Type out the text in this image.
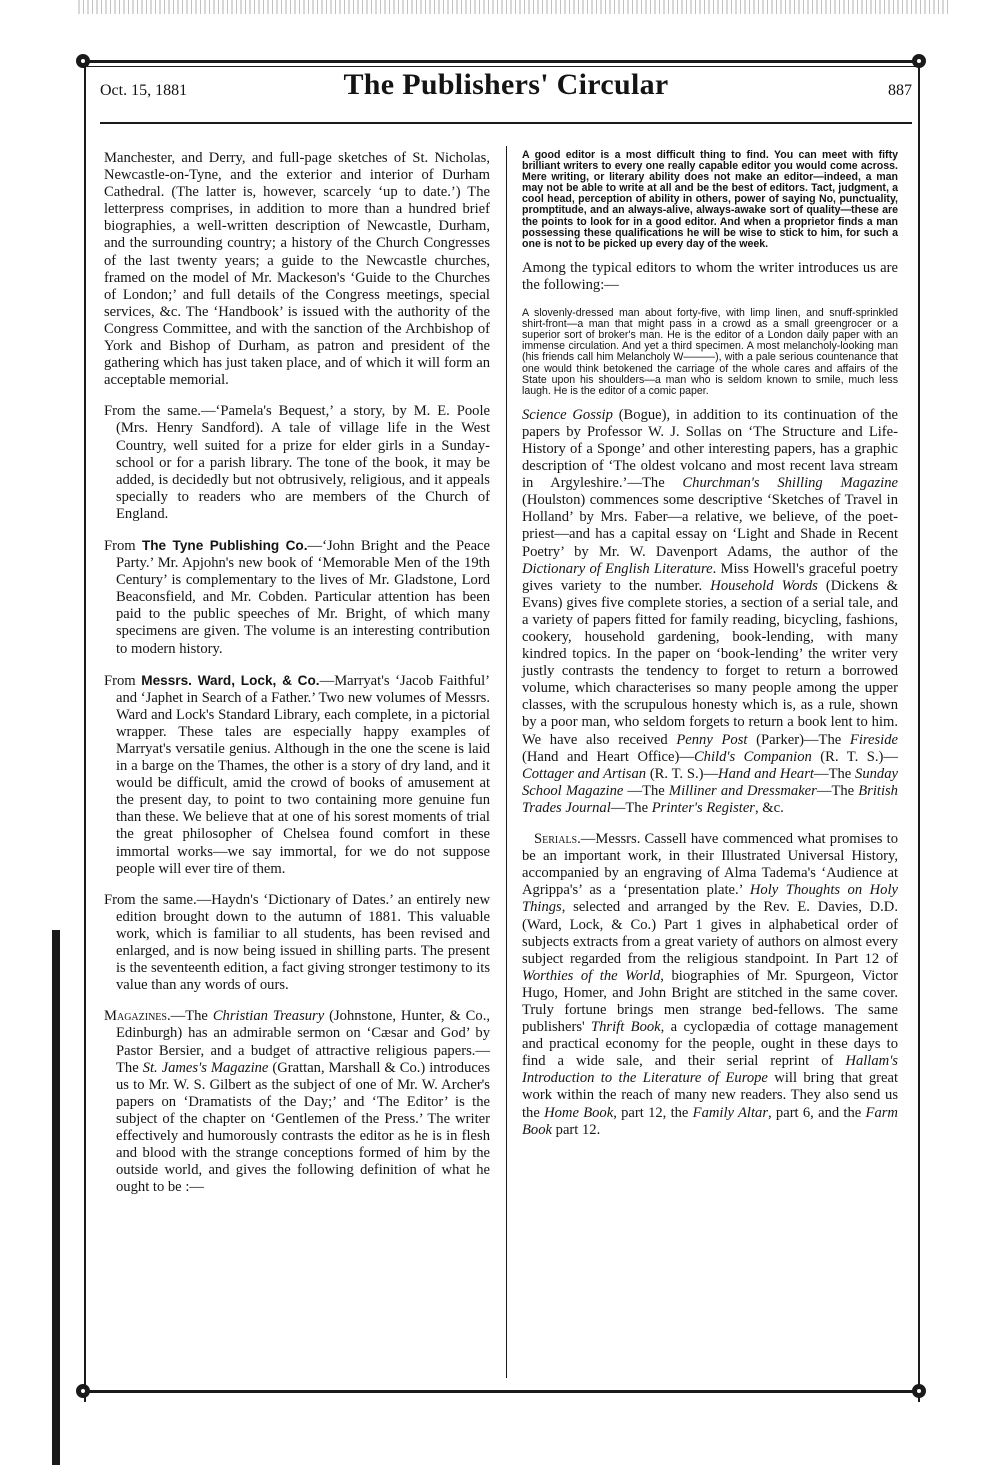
Oct. 15, 1881	The Publishers' Circular	887

Manchester, and Derry, and full-page sketches of St. Nicholas, Newcastle-on-Tyne, and the exterior and interior of Durham Cathedral. (The latter is, however, scarcely ‘up to date.’) The letterpress comprises, in addition to more than a hundred brief biographies, a well-written description of Newcastle, Durham, and the surrounding country; a history of the Church Congresses of the last twenty years; a guide to the Newcastle churches, framed on the model of Mr. Mackeson's ‘Guide to the Churches of London;’ and full details of the Congress meetings, special services, &c. The ‘Handbook’ is issued with the authority of the Congress Committee, and with the sanction of the Archbishop of York and Bishop of Durham, as patron and president of the gathering which has just taken place, and of which it will form an acceptable memorial.

From the same.—‘Pamela's Bequest,’ a story, by M. E. Poole (Mrs. Henry Sandford). A tale of village life in the West Country, well suited for a prize for elder girls in a Sunday-school or for a parish library. The tone of the book, it may be added, is decidedly but not obtrusively, religious, and it appeals specially to readers who are members of the Church of England.

From The Tyne Publishing Co.—‘John Bright and the Peace Party.’ Mr. Apjohn's new book of ‘Memorable Men of the 19th Century’ is complementary to the lives of Mr. Gladstone, Lord Beaconsfield, and Mr. Cobden. Particular attention has been paid to the public speeches of Mr. Bright, of which many specimens are given. The volume is an interesting contribution to modern history.

From Messrs. Ward, Lock, & Co.—Marryat's ‘Jacob Faithful’ and ‘Japhet in Search of a Father.’ Two new volumes of Messrs. Ward and Lock's Standard Library, each complete, in a pictorial wrapper. These tales are especially happy examples of Marryat's versatile genius. Although in the one the scene is laid in a barge on the Thames, the other is a story of dry land, and it would be difficult, amid the crowd of books of amusement at the present day, to point to two containing more genuine fun than these. We believe that at one of his sorest moments of trial the great philosopher of Chelsea found comfort in these immortal works—we say immortal, for we do not suppose people will ever tire of them.

From the same.—Haydn's ‘Dictionary of Dates.’ an entirely new edition brought down to the autumn of 1881. This valuable work, which is familiar to all students, has been revised and enlarged, and is now being issued in shilling parts. The present is the seventeenth edition, a fact giving stronger testimony to its value than any words of ours.

Magazines.—The Christian Treasury (Johnstone, Hunter, & Co., Edinburgh) has an admirable sermon on ‘Cæsar and God’ by Pastor Bersier, and a budget of attractive religious papers.—The St. James's Magazine (Grattan, Marshall & Co.) introduces us to Mr. W. S. Gilbert as the subject of one of Mr. W. Archer's papers on ‘Dramatists of the Day;’ and ‘The Editor’ is the subject of the chapter on ‘Gentlemen of the Press.’ The writer effectively and humorously contrasts the editor as he is in flesh and blood with the strange conceptions formed of him by the outside world, and gives the following definition of what he ought to be :—

A good editor is a most difficult thing to find. You can meet with fifty brilliant writers to every one really capable editor you would come across. Mere writing, or literary ability does not make an editor—indeed, a man may not be able to write at all and be the best of editors. Tact, judgment, a cool head, perception of ability in others, power of saying No, punctuality, promptitude, and an always-alive, always-awake sort of quality—these are the points to look for in a good editor. And when a proprietor finds a man possessing these qualifications he will be wise to stick to him, for such a one is not to be picked up every day of the week.

Among the typical editors to whom the writer introduces us are the following:—

A slovenly-dressed man about forty-five, with limp linen, and snuff-sprinkled shirt-front—a man that might pass in a crowd as a small greengrocer or a superior sort of broker's man. He is the editor of a London daily paper with an immense circulation. And yet a third specimen. A most melancholy-looking man (his friends call him Melancholy W———), with a pale serious countenance that one would think betokened the carriage of the whole cares and affairs of the State upon his shoulders—a man who is seldom known to smile, much less laugh. He is the editor of a comic paper.

Science Gossip (Bogue), in addition to its continuation of the papers by Professor W. J. Sollas on ‘The Structure and Life-History of a Sponge’ and other interesting papers, has a graphic description of ‘The oldest volcano and most recent lava stream in Argyleshire.’—The Churchman's Shilling Magazine (Houlston) commences some descriptive ‘Sketches of Travel in Holland’ by Mrs. Faber—a relative, we believe, of the poet-priest—and has a capital essay on ‘Light and Shade in Recent Poetry’ by Mr. W. Davenport Adams, the author of the Dictionary of English Literature. Miss Howell's graceful poetry gives variety to the number. Household Words (Dickens & Evans) gives five complete stories, a section of a serial tale, and a variety of papers fitted for family reading, bicycling, fashions, cookery, household gardening, book-lending, with many kindred topics. In the paper on ‘book-lending’ the writer very justly contrasts the tendency to forget to return a borrowed volume, which characterises so many people among the upper classes, with the scrupulous honesty which is, as a rule, shown by a poor man, who seldom forgets to return a book lent to him. We have also received Penny Post (Parker)—The Fireside (Hand and Heart Office)—Child's Companion (R. T. S.)—Cottager and Artisan (R. T. S.)—Hand and Heart—The Sunday School Magazine —The Milliner and Dressmaker—The British Trades Journal—The Printer's Register, &c.

Serials.—Messrs. Cassell have commenced what promises to be an important work, in their Illustrated Universal History, accompanied by an engraving of Alma Tadema's ‘Audience at Agrippa's’ as a ‘presentation plate.’ Holy Thoughts on Holy Things, selected and arranged by the Rev. E. Davies, D.D. (Ward, Lock, & Co.) Part 1 gives in alphabetical order of subjects extracts from a great variety of authors on almost every subject regarded from the religious standpoint. In Part 12 of Worthies of the World, biographies of Mr. Spurgeon, Victor Hugo, Homer, and John Bright are stitched in the same cover. Truly fortune brings men strange bed-fellows. The same publishers' Thrift Book, a cyclopædia of cottage management and practical economy for the people, ought in these days to find a wide sale, and their serial reprint of Hallam's Introduction to the Literature of Europe will bring that great work within the reach of many new readers. They also send us the Home Book, part 12, the Family Altar, part 6, and the Farm Book part 12.
